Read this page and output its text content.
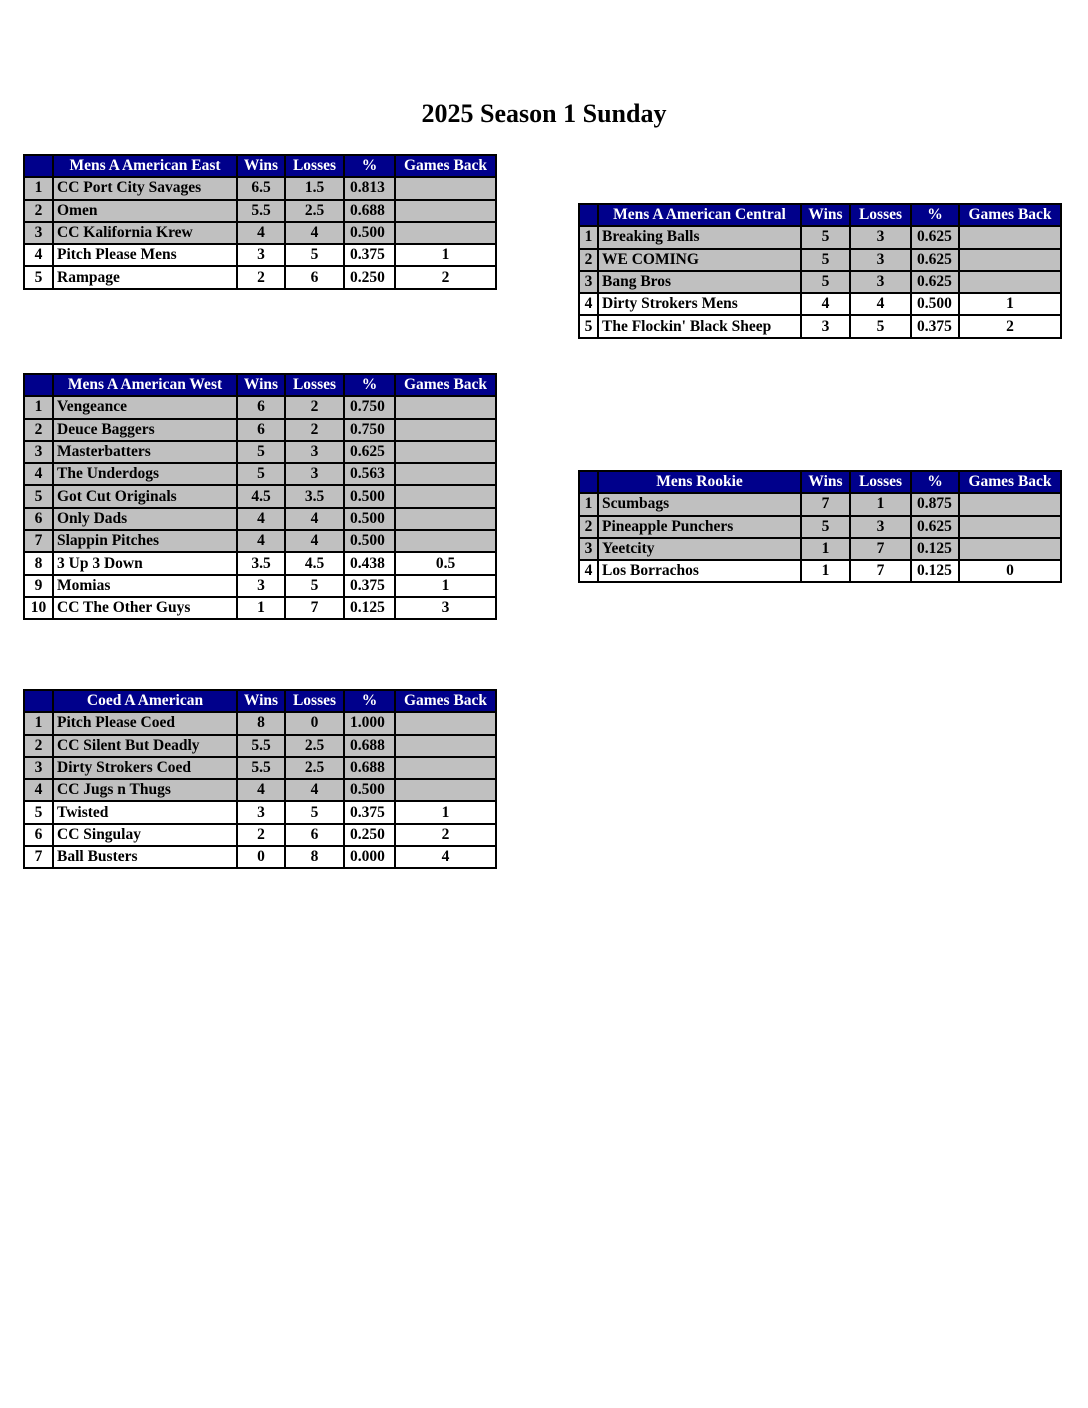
2025 Season 1 Sunday
	Mens A American East	Wins	Losses	%	Games Back
1	CC Port City Savages	6.5	1.5	0.813	
2	Omen	5.5	2.5	0.688	
3	CC Kalifornia Krew	4	4	0.500	
4	Pitch Please Mens	3	5	0.375	1
5	Rampage	2	6	0.250	2
	Mens A American Central	Wins	Losses	%	Games Back
1	Breaking Balls	5	3	0.625	
2	WE COMING	5	3	0.625	
3	Bang Bros	5	3	0.625	
4	Dirty Strokers Mens	4	4	0.500	1
5	The Flockin' Black Sheep	3	5	0.375	2
	Mens A American West	Wins	Losses	%	Games Back
1	Vengeance	6	2	0.750	
2	Deuce Baggers	6	2	0.750	
3	Masterbatters	5	3	0.625	
4	The Underdogs	5	3	0.563	
5	Got Cut Originals	4.5	3.5	0.500	
6	Only Dads	4	4	0.500	
7	Slappin Pitches	4	4	0.500	
8	3 Up 3 Down	3.5	4.5	0.438	0.5
9	Momias	3	5	0.375	1
10	CC The Other Guys	1	7	0.125	3
	Mens Rookie	Wins	Losses	%	Games Back
1	Scumbags	7	1	0.875	
2	Pineapple Punchers	5	3	0.625	
3	Yeetcity	1	7	0.125	
4	Los Borrachos	1	7	0.125	0
	Coed A American	Wins	Losses	%	Games Back
1	Pitch Please Coed	8	0	1.000	
2	CC Silent But Deadly	5.5	2.5	0.688	
3	Dirty Strokers Coed	5.5	2.5	0.688	
4	CC Jugs n Thugs	4	4	0.500	
5	Twisted	3	5	0.375	1
6	CC Singulay	2	6	0.250	2
7	Ball Busters	0	8	0.000	4
